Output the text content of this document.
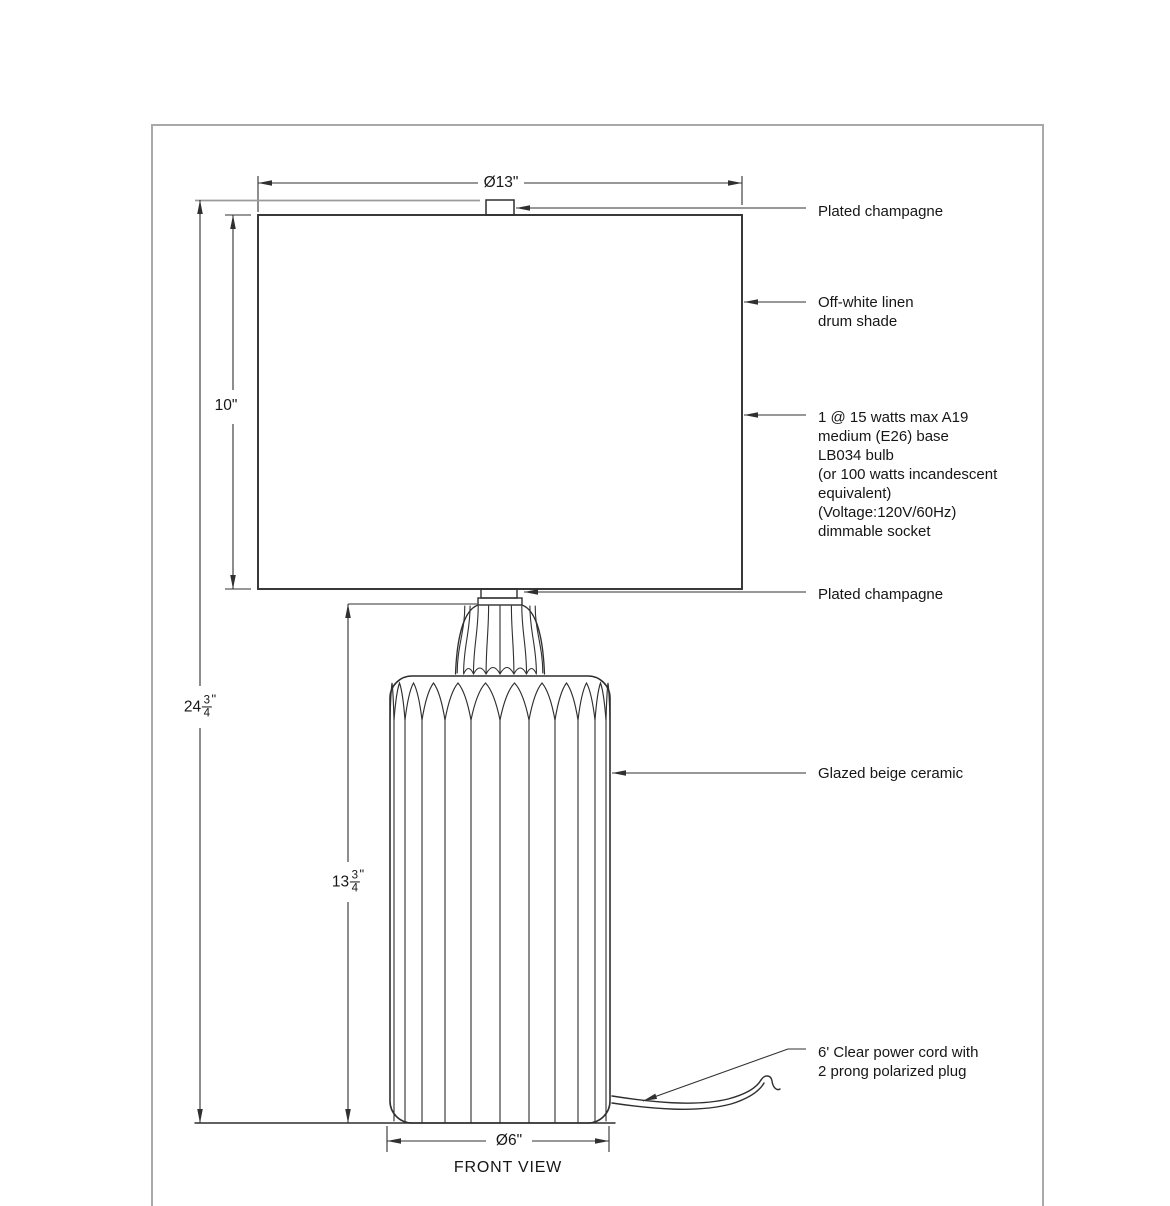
Ø13"
10"
$24 \frac{3}{4}$ "
$13 \frac{3}{4}$ "
Ø6"
Plated champagne
Off-white linen
drum shade
1 @ 15 watts max A19
medium (E26) base
LB034 bulb
(or 100 watts incandescent
equivalent)
(Voltage:120V/60Hz)
dimmable socket
Plated champagne
Glazed beige ceramic
6' Clear power cord with
2 prong polarized plug
FRONT VIEW
